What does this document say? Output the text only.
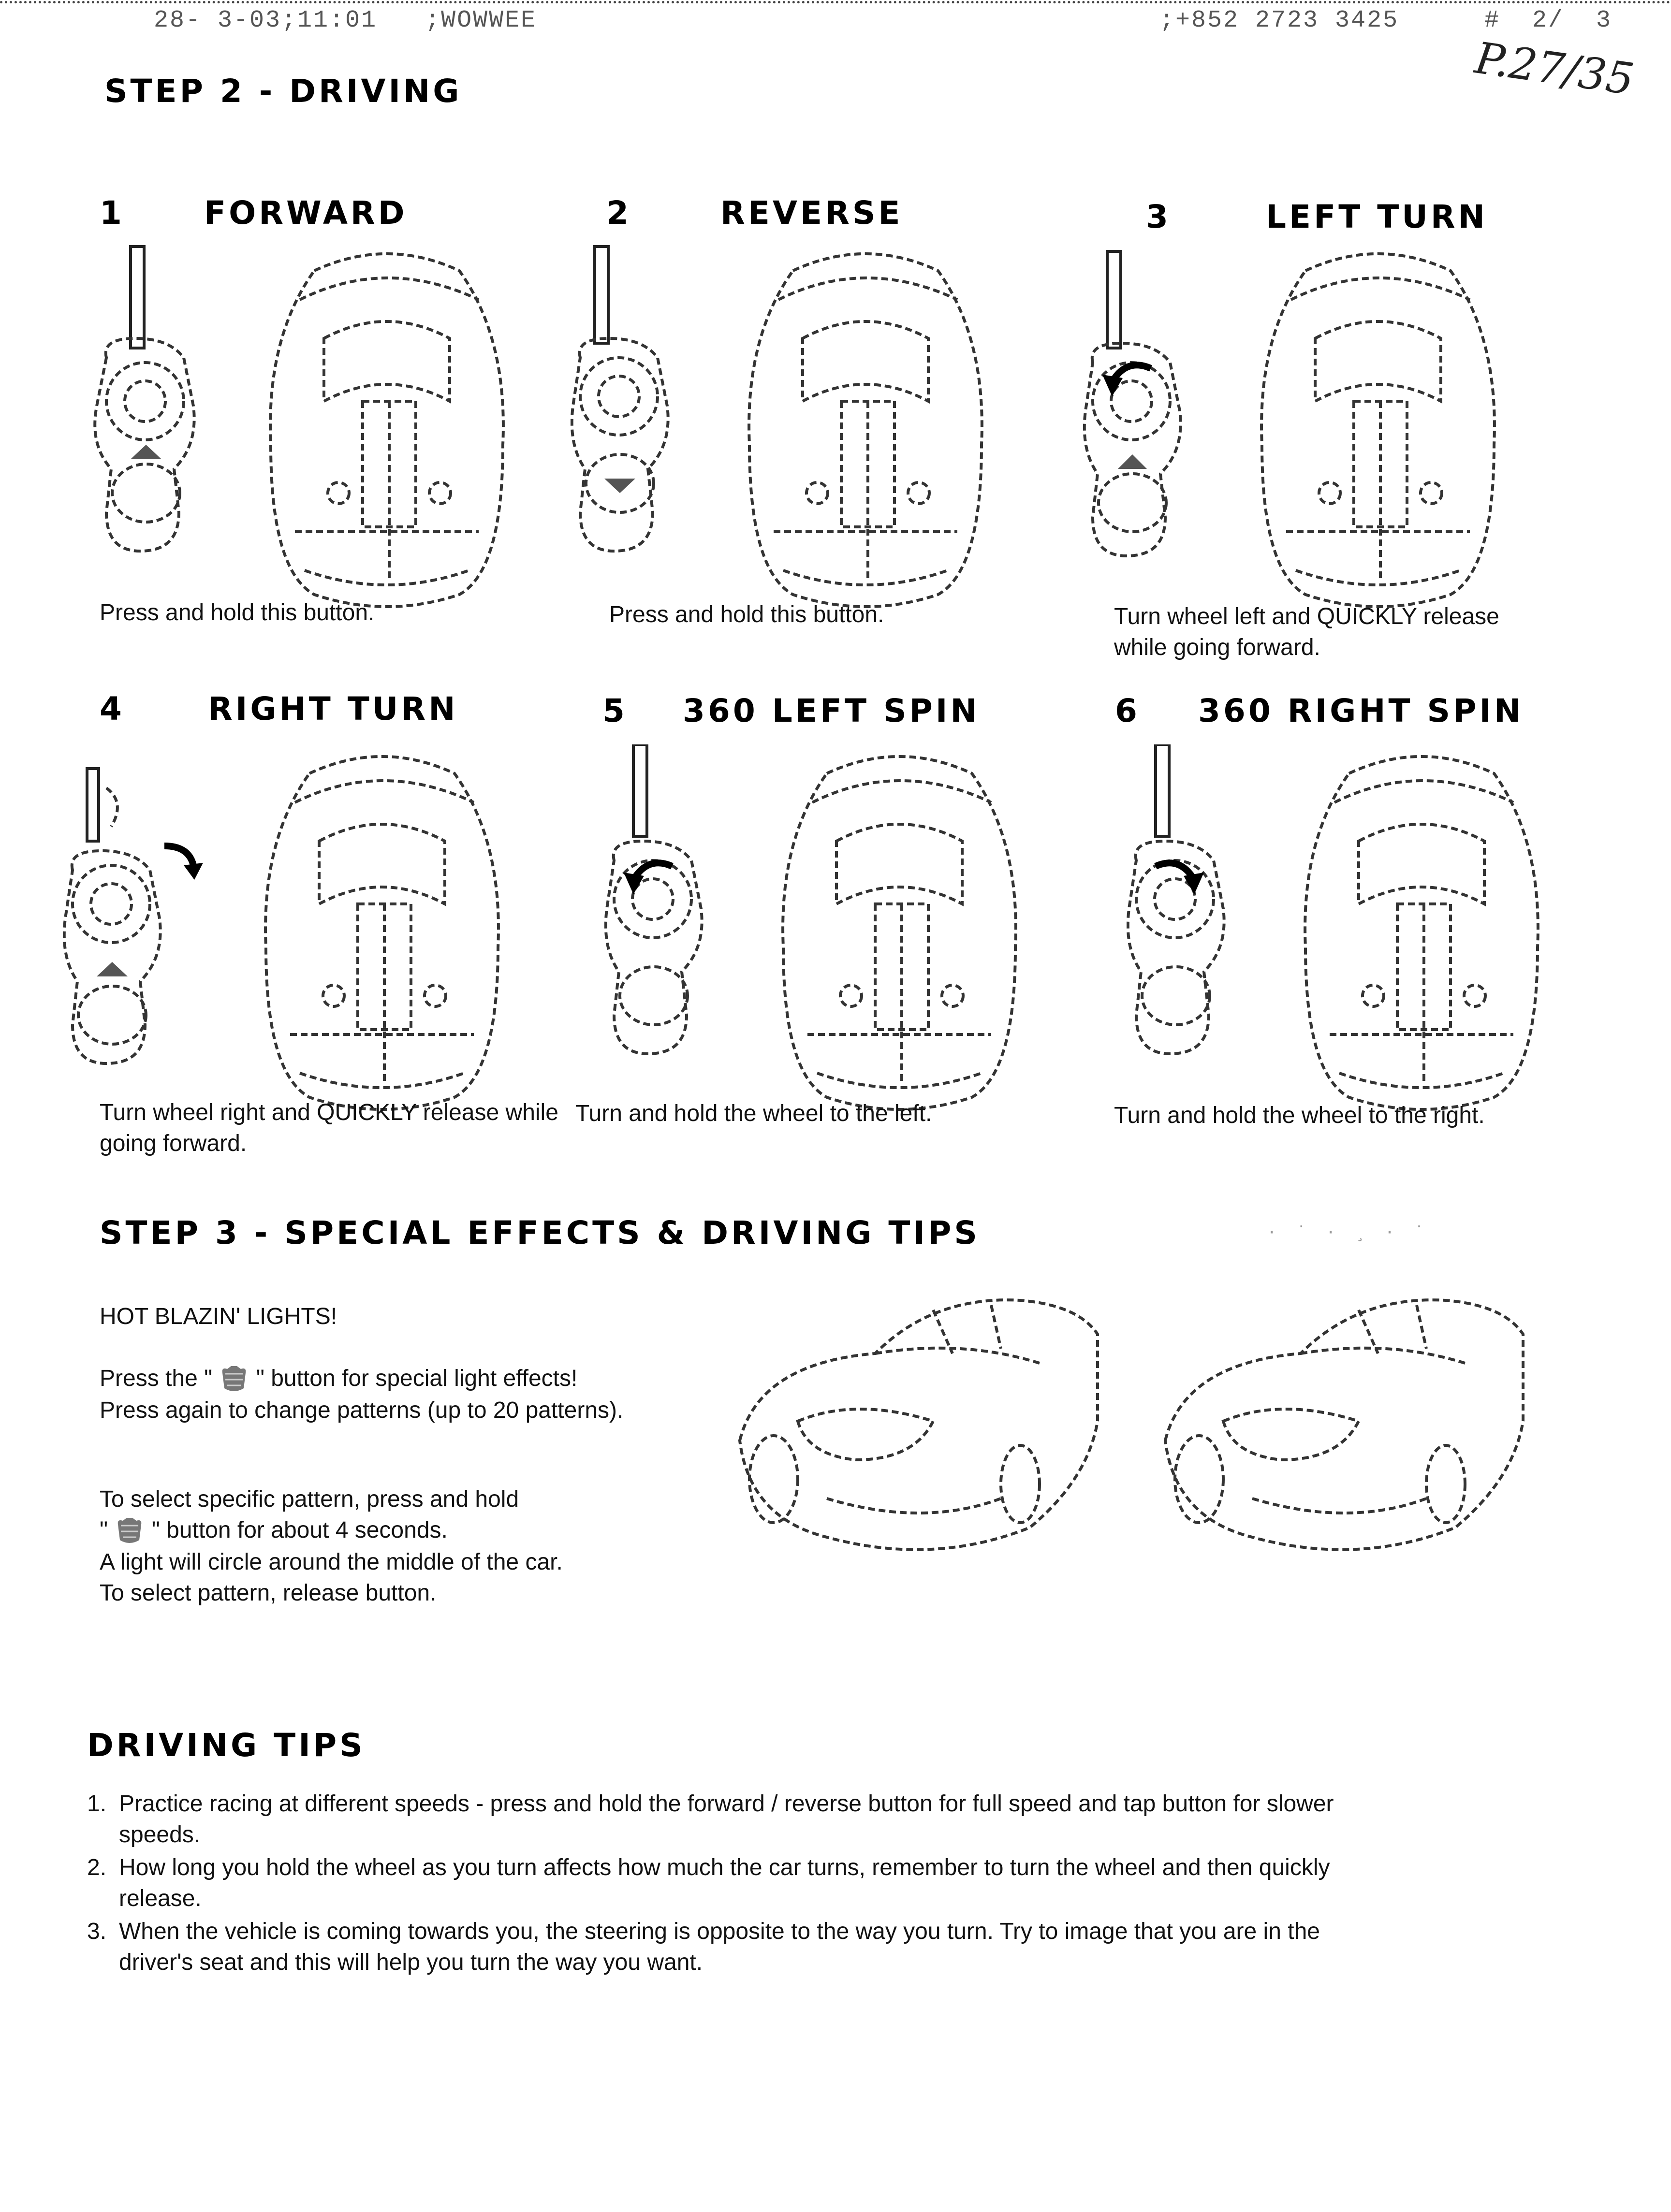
28- 3-03;11:01   ;WOWWEE	;+852 2723 3425	#  2/  3
P.27/35
STEP 2 - DRIVING
1	FORWARD	2	REVERSE	3	LEFT TURN
Press and hold this button.	Press and hold this button.	Turn wheel left and QUICKLY release while going forward.
4	RIGHT TURN	5 360 LEFT SPIN	6 360 RIGHT SPIN
Turn wheel right and QUICKLY release while going forward.
Turn and hold the wheel to the left.	Turn and hold the wheel to the right.
STEP 3 - SPECIAL EFFECTS & DRIVING TIPS	· ˙ · ¸ · ˙
HOT BLAZIN' LIGHTS!
Press the " " button for special light effects!
Press again to change patterns (up to 20 patterns).
To select specific pattern, press and hold
" " button for about 4 seconds.
A light will circle around the middle of the car.
To select pattern, release button.
DRIVING TIPS
1. Practice racing at different speeds - press and hold the forward / reverse button for full speed and tap button for slower speeds.
2. How long you hold the wheel as you turn affects how much the car turns, remember to turn the wheel and then quickly release.
3. When the vehicle is coming towards you, the steering is opposite to the way you turn. Try to image that you are in the driver's seat and this will help you turn the way you want.
